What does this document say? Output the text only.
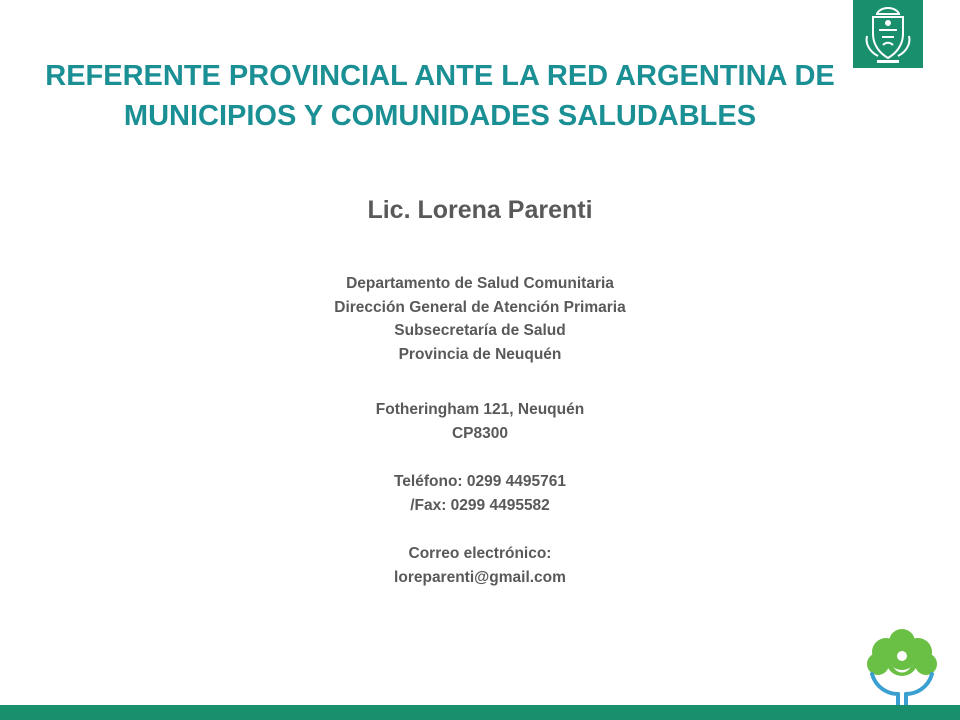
REFERENTE PROVINCIAL ANTE LA RED ARGENTINA DE
MUNICIPIOS Y COMUNIDADES SALUDABLES
Lic. Lorena Parenti
Departamento de Salud Comunitaria
Dirección General de Atención Primaria
Subsecretaría de Salud
Provincia de Neuquén
Fotheringham 121, Neuquén
CP8300
Teléfono: 0299 4495761
/Fax: 0299 4495582
Correo electrónico:
loreparenti@gmail.com
